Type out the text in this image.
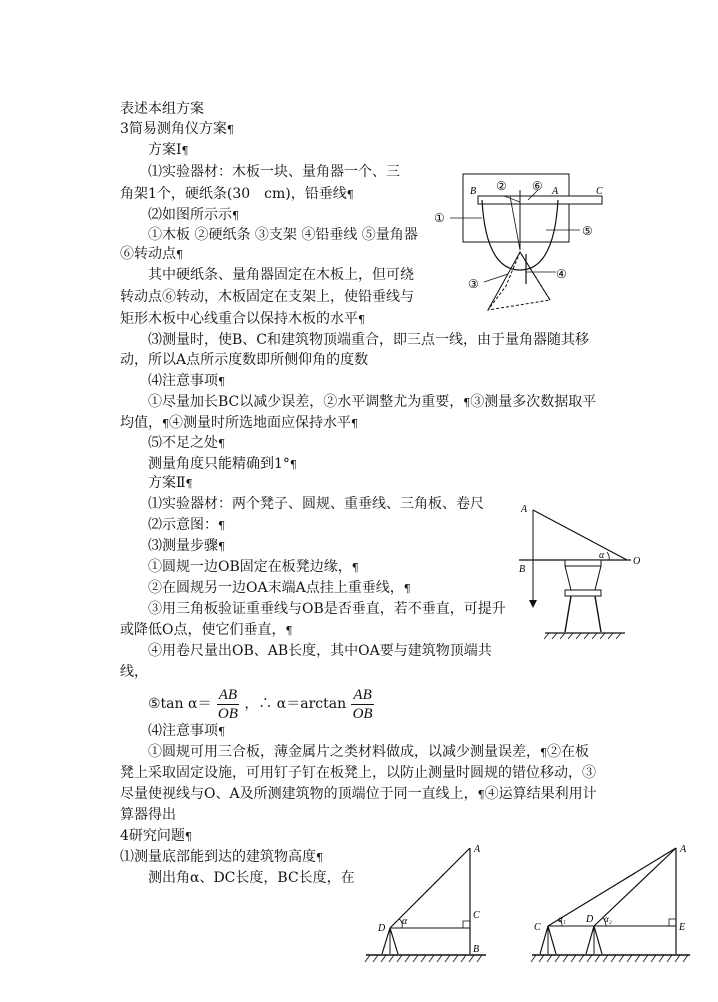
表述本组方案
3简易测角仪方案¶
方案Ⅰ¶
⑴实验器材：木板一块、量角器一个、三
角架1个，硬纸条(30　cm)，铅垂线¶
⑵如图所示示¶
①木板 ②硬纸条 ③支架 ④铅垂线 ⑤量角器
⑥转动点¶
其中硬纸条、量角器固定在木板上，但可绕
转动点⑥转动，木板固定在支架上，使铅垂线与
矩形木板中心线重合以保持木板的水平¶
⑶测量时，使B、C和建筑物顶端重合，即三点一线，由于量角器随其移
动，所以A点所示度数即所侧仰角的度数
⑷注意事项¶
①尽量加长BC以减少误差，②水平调整尤为重要，¶③测量多次数据取平
均值，¶④测量时所选地面应保持水平¶
⑸不足之处¶
测量角度只能精确到1°¶
方案Ⅱ¶
⑴实验器材：两个凳子、圆规、重垂线、三角板、卷尺
⑵示意图：¶
⑶测量步骤¶
①圆规一边OB固定在板凳边缘，¶
②在圆规另一边OA末端A点挂上重垂线，¶
③用三角板验证重垂线与OB是否垂直，若不垂直，可提升
或降低O点，使它们垂直，¶
④用卷尺量出OB、AB长度，其中OA要与建筑物顶端共
线，
⑤tan $\alpha= \frac{AB}{OB}$ ，∴ $\alpha=\arctan \frac{AB}{OB}$
⑷注意事项¶
①圆规可用三合板，薄金属片之类材料做成，以减少测量误差，¶②在板
凳上采取固定设施，可用钉子钉在板凳上，以防止测量时圆规的错位移动，③
尽量使视线与O、A及所测建筑物的顶端位于同一直线上，¶④运算结果利用计
算器得出
4研究问题¶
⑴测量底部能到达的建筑物高度¶
测出角α、DC长度，BC长度，在
B ② ⑥ A	C
①
⑤
③
④
A
α
O
B
A
α
C
D
B
A
C
α₁ D α₂
E
